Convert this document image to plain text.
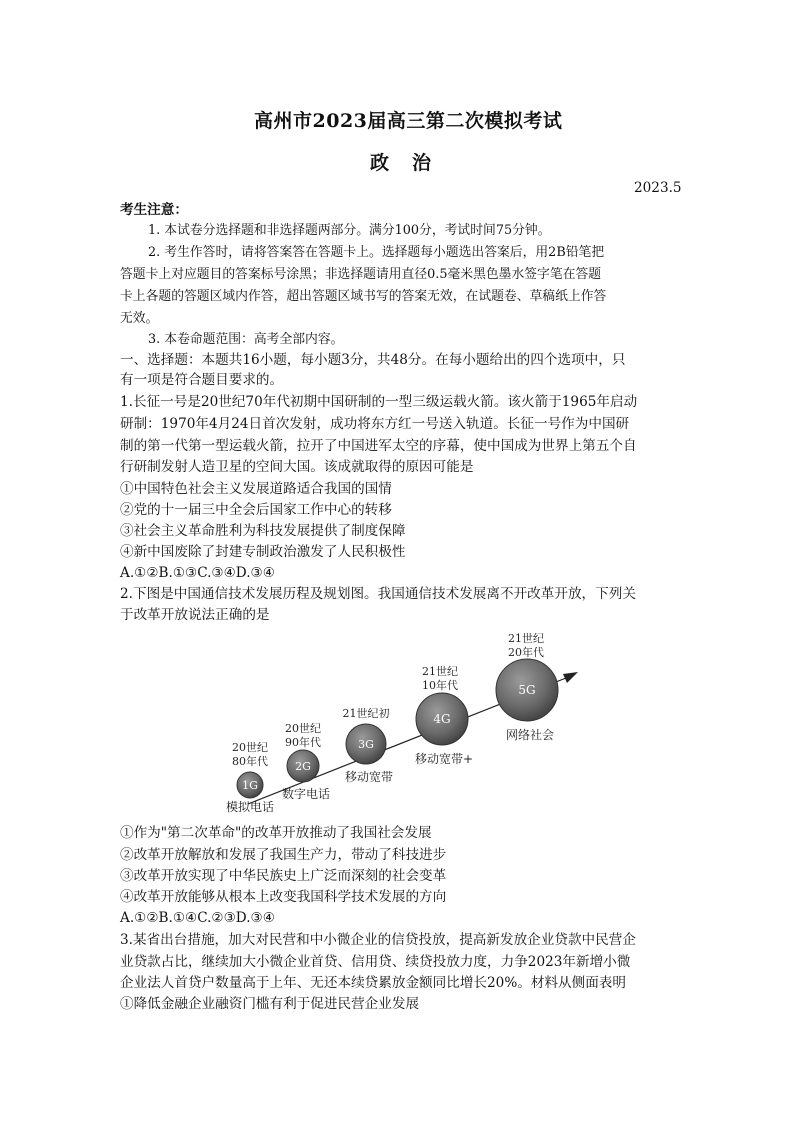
高州市2023届高三第二次模拟考试
政　治
2023.5
考生注意：
1. 本试卷分选择题和非选择题两部分。满分100分，考试时间75分钟。
2. 考生作答时，请将答案答在答题卡上。选择题每小题选出答案后，用2B铅笔把
答题卡上对应题目的答案标号涂黑；非选择题请用直径0.5毫米黑色墨水签字笔在答题
卡上各题的答题区域内作答，超出答题区域书写的答案无效，在试题卷、草稿纸上作答
无效。
3. 本卷命题范围：高考全部内容。
一、选择题：本题共16小题，每小题3分，共48分。在每小题给出的四个选项中，只
有一项是符合题目要求的。
1.长征一号是20世纪70年代初期中国研制的一型三级运载火箭。该火箭于1965年启动
研制：1970年4月24日首次发射，成功将东方红一号送入轨道。长征一号作为中国研
制的第一代第一型运载火箭，拉开了中国进军太空的序幕，使中国成为世界上第五个自
行研制发射人造卫星的空间大国。该成就取得的原因可能是
①中国特色社会主义发展道路适合我国的国情
②党的十一届三中全会后国家工作中心的转移
③社会主义革命胜利为科技发展提供了制度保障
④新中国废除了封建专制政治激发了人民积极性
A.①②B.①③C.③④D.③④
2.下图是中国通信技术发展历程及规划图。我国通信技术发展离不开改革开放，下列关
于改革开放说法正确的是
1G
20世纪
80年代
模拟电话
2G
20世纪
90年代
数字电话
3G
21世纪初
移动宽带
4G
21世纪
10年代
移动宽带+
5G
21世纪
20年代
网络社会
①作为"第二次革命"的改革开放推动了我国社会发展
②改革开放解放和发展了我国生产力，带动了科技进步
③改革开放实现了中华民族史上广泛而深刻的社会变革
④改革开放能够从根本上改变我国科学技术发展的方向
A.①②B.①④C.②③D.③④
3.某省出台措施，加大对民营和中小微企业的信贷投放，提高新发放企业贷款中民营企
业贷款占比，继续加大小微企业首贷、信用贷、续贷投放力度，力争2023年新增小微
企业法人首贷户数量高于上年、无还本续贷累放金额同比增长20%。材料从侧面表明
①降低金融企业融资门槛有利于促进民营企业发展
